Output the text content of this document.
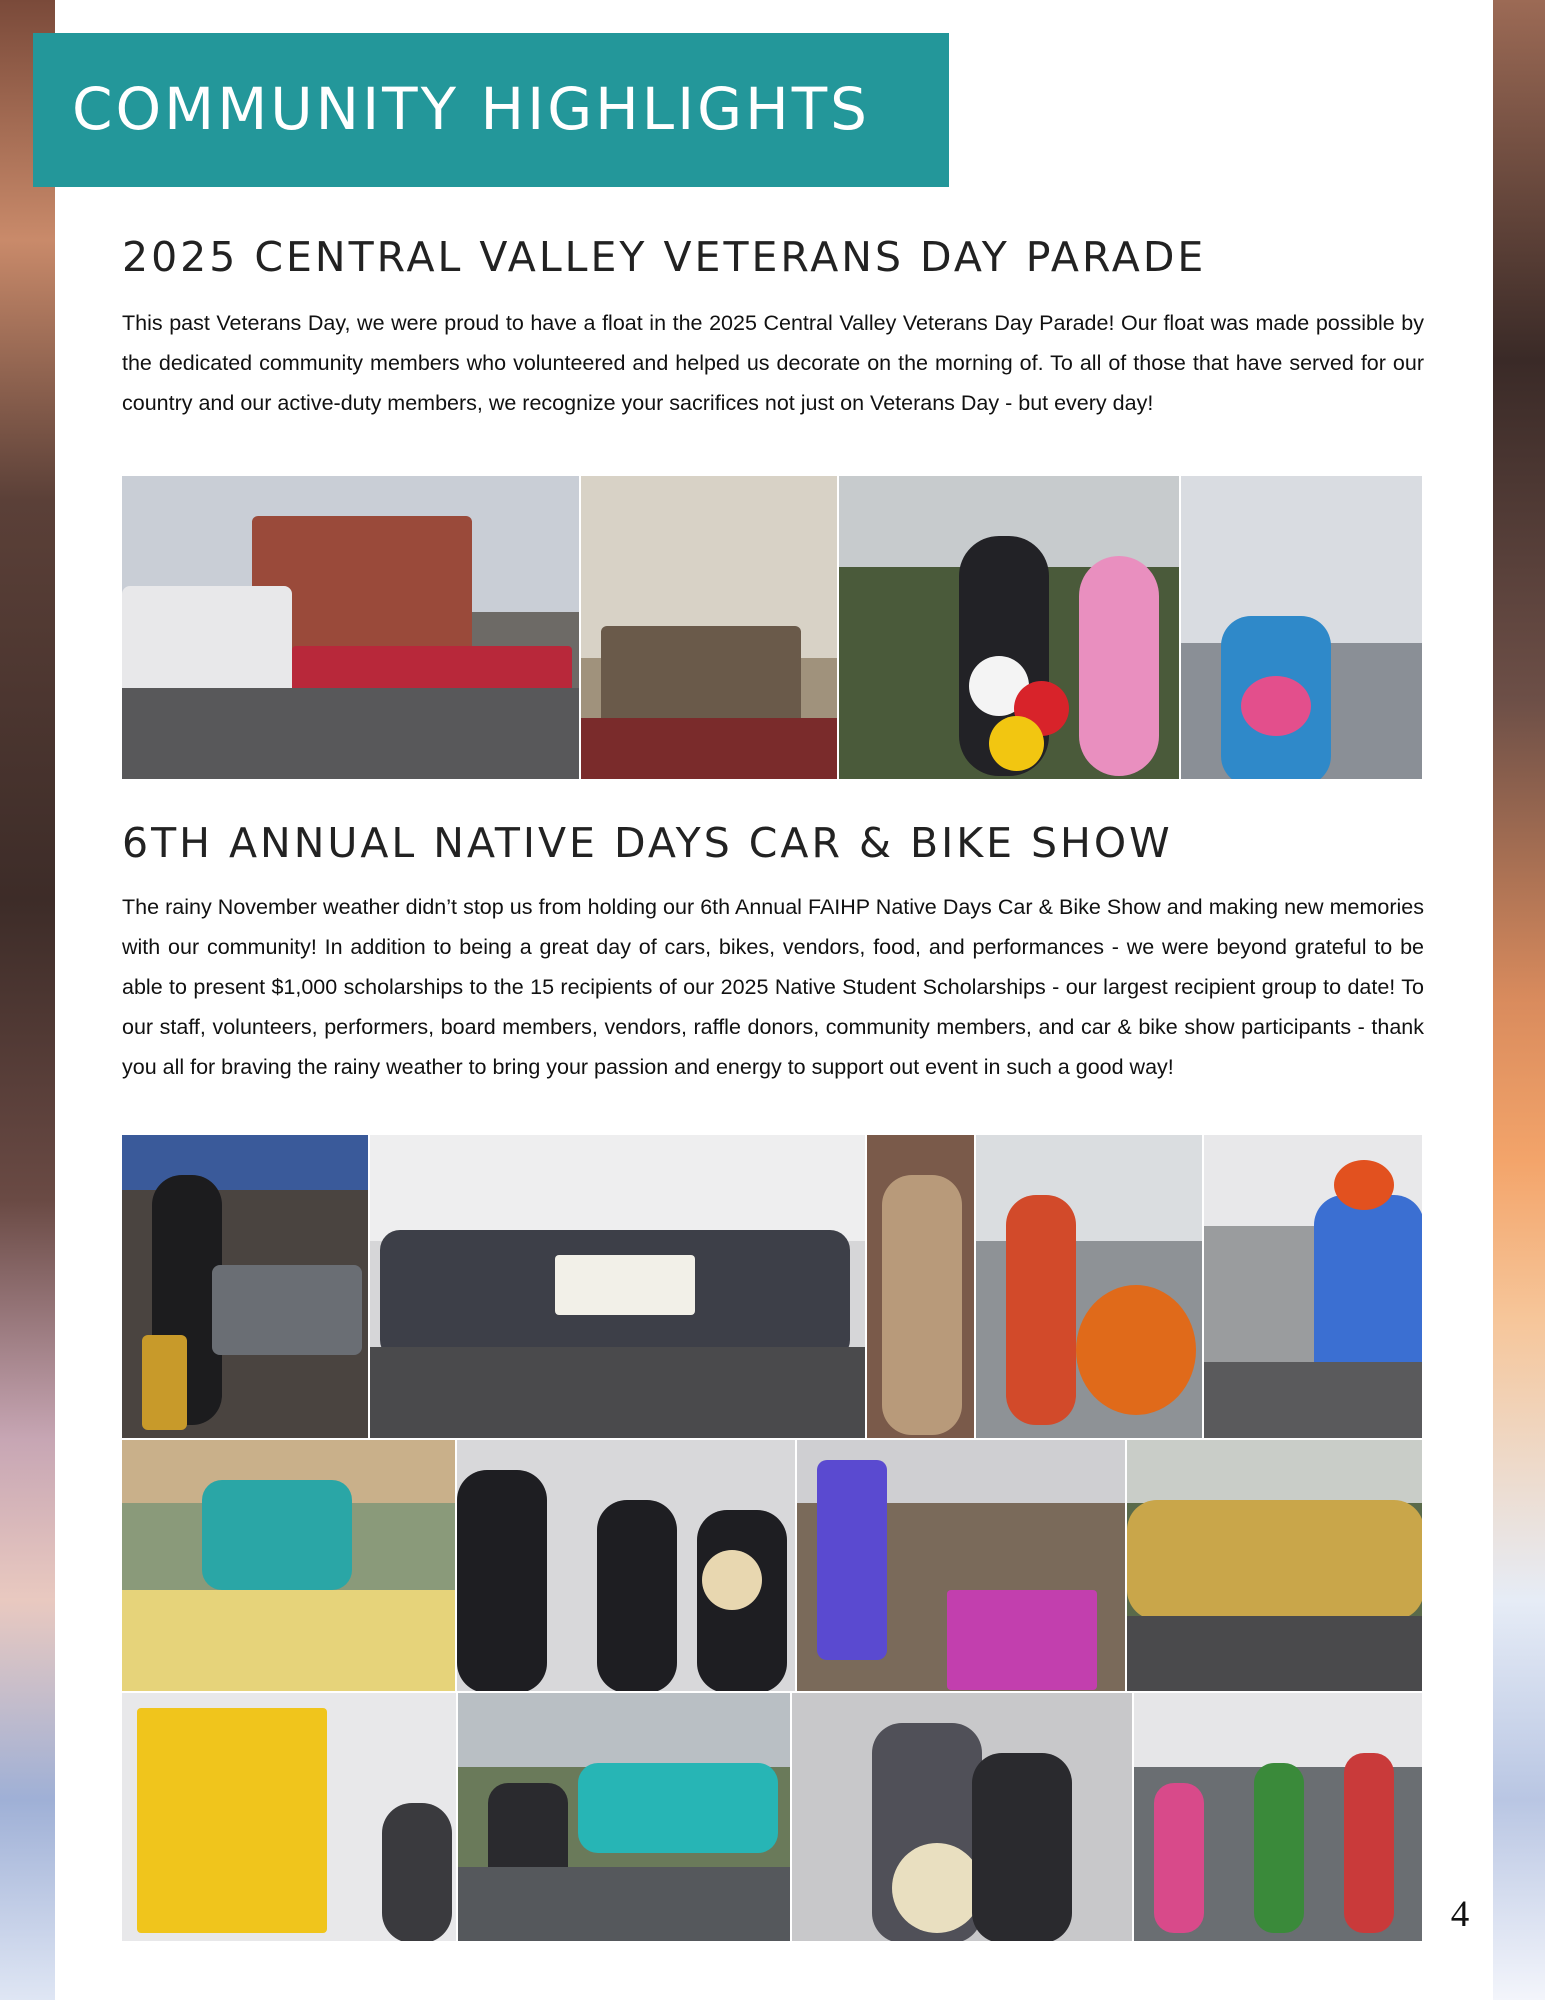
COMMUNITY HIGHLIGHTS
2025 CENTRAL VALLEY VETERANS DAY PARADE

This past Veterans Day, we were proud to have a float in the 2025 Central Valley Veterans Day Parade! Our float was made possible by the dedicated community members who volunteered and helped us decorate on the morning of. To all of those that have served for our country and our active-duty members, we recognize your sacrifices not just on Veterans Day - but every day!

6TH ANNUAL NATIVE DAYS CAR & BIKE SHOW

The rainy November weather didn’t stop us from holding our 6th Annual FAIHP Native Days Car & Bike Show and making new memories with our community! In addition to being a great day of cars, bikes, vendors, food, and performances - we were beyond grateful to be able to present $1,000 scholarships to the 15 recipients of our 2025 Native Student Scholarships - our largest recipient group to date! To our staff, volunteers, performers, board members, vendors, raffle donors, community members, and car & bike show participants - thank you all for braving the rainy weather to bring your passion and energy to support out event in such a good way!

4
